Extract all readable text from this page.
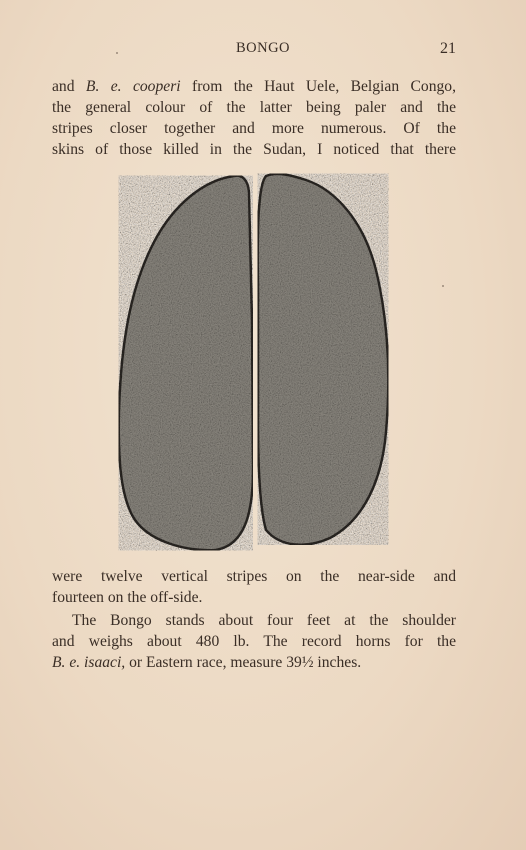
BONGO	21
and B. e. cooperi from the Haut Uele, Belgian Congo,
the general colour of the latter being paler and the
stripes closer together and more numerous. Of the
skins of those killed in the Sudan, I noticed that there
were twelve vertical stripes on the near-side and
fourteen on the off-side.
The Bongo stands about four feet at the shoulder
and weighs about 480 lb. The record horns for the
B. e. isaaci, or Eastern race, measure 39½ inches.
